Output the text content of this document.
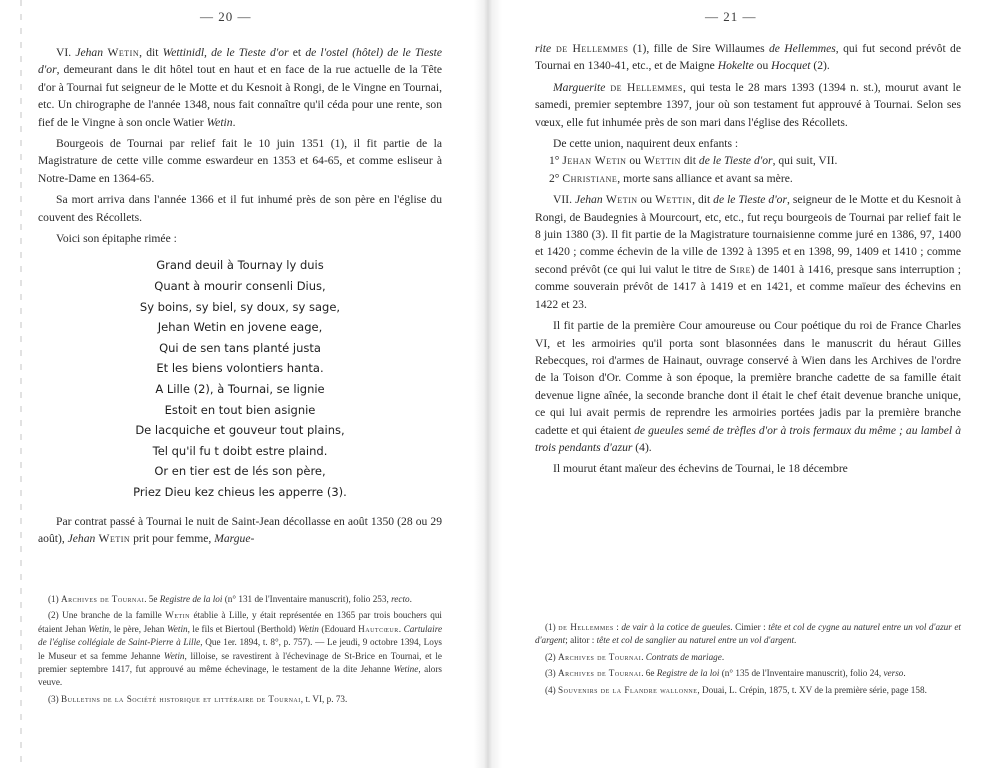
— 20 —

VI. Jehan Wetin, dit Wettinidl, de le Tieste d'or et de l'ostel (hôtel) de le Tieste d'or, demeurant dans le dit hôtel tout en haut et en face de la rue actuelle de la Tête d'or à Tournai fut seigneur de le Motte et du Kesnoit à Rongi, de le Vingne en Tournai, etc. Un chirographe de l'année 1348, nous fait connaître qu'il céda pour une rente, son fief de le Vingne à son oncle Watier Wetin.

Bourgeois de Tournai par relief fait le 10 juin 1351 (1), il fit partie de la Magistrature de cette ville comme eswardeur en 1353 et 64-65, et comme esliseur à Notre-Dame en 1364-65.

Sa mort arriva dans l'année 1366 et il fut inhumé près de son père en l'église du couvent des Récollets.

Voici son épitaphe rimée :

Grand deuil à Tournay ly duis
Quant à mourir consenli Dius,
Sy boins, sy biel, sy doux, sy sage,
Jehan Wetin en jovene eage,
Qui de sen tans planté justa
Et les biens volontiers hanta.
A Lille (2), à Tournai, se lignie
Estoit en tout bien asignie
De lacquiche et gouveur tout plains,
Tel qu'il fu t doibt estre plaind.
Or en tier est de lés son père,
Priez Dieu kez chieus les apperre (3).

Par contrat passé à Tournai le nuit de Saint-Jean décollasse en août 1350 (28 ou 29 août), Jehan Wetin prit pour femme, Margue-

(1) Archives de Tournai. 5e Registre de la loi (n° 131 de l'Inventaire manuscrit), folio 253, recto.

(2) Une branche de la famille Wetin établie à Lille, y était représentée en 1365 par trois bouchers qui étaient Jehan Wetin, le père, Jehan Wetin, le fils et Biertoul (Berthold) Wetin (Edouard Hautcœur. Cartulaire de l'église collégiale de Saint-Pierre à Lille, Que 1er. 1894, t. 8°, p. 757). — Le jeudi, 9 octobre 1394, Loys le Museur et sa femme Jehanne Wetin, lilloise, se ravestirent à l'échevinage de St-Brice en Tournai, et le premier septembre 1417, fut approuvé au même échevinage, le testament de la dite Jehanne Wetine, alors veuve.

(3) Bulletins de la Société historique et littéraire de Tournai, t. VI, p. 73.

— 21 —

rite de Hellemmes (1), fille de Sire Willaumes de Hellemmes, qui fut second prévôt de Tournai en 1340-41, etc., et de Maigne Hokelte ou Hocquet (2).

Marguerite de Hellemmes, qui testa le 28 mars 1393 (1394 n. st.), mourut avant le samedi, premier septembre 1397, jour où son testament fut approuvé à Tournai. Selon ses vœux, elle fut inhumée près de son mari dans l'église des Récollets.

De cette union, naquirent deux enfants :

1° Jehan Wetin ou Wettin dit de le Tieste d'or, qui suit, VII.

2° Christiane, morte sans alliance et avant sa mère.

VII. Jehan Wetin ou Wettin, dit de le Tieste d'or, seigneur de le Motte et du Kesnoit à Rongi, de Baudegnies à Mourcourt, etc, etc., fut reçu bourgeois de Tournai par relief fait le 8 juin 1380 (3). Il fit partie de la Magistrature tournaisienne comme juré en 1386, 97, 1400 et 1420 ; comme échevin de la ville de 1392 à 1395 et en 1398, 99, 1409 et 1410 ; comme second prévôt (ce qui lui valut le titre de Sire) de 1401 à 1416, presque sans interruption ; comme souverain prévôt de 1417 à 1419 et en 1421, et comme maïeur des échevins en 1422 et 23.

Il fit partie de la première Cour amoureuse ou Cour poétique du roi de France Charles VI, et les armoiries qu'il porta sont blasonnées dans le manuscrit du héraut Gilles Rebecques, roi d'armes de Hainaut, ouvrage conservé à Wien dans les Archives de l'ordre de la Toison d'Or. Comme à son époque, la première branche cadette de sa famille était devenue ligne aînée, la seconde branche dont il était le chef était devenue branche unique, ce qui lui avait permis de reprendre les armoiries portées jadis par la première branche cadette et qui étaient de gueules semé de trèfles d'or à trois fermaux du même ; au lambel à trois pendants d'azur (4).

Il mourut étant maïeur des échevins de Tournai, le 18 décembre

(1) de Hellemmes : de vair à la cotice de gueules. Cimier : tête et col de cygne au naturel entre un vol d'azur et d'argent; alitor : tête et col de sanglier au naturel entre un vol d'argent.

(2) Archives de Tournai. Contrats de mariage.

(3) Archives de Tournai. 6e Registre de la loi (n° 135 de l'Inventaire manuscrit), folio 24, verso.

(4) Souvenirs de la Flandre wallonne, Douai, L. Crépin, 1875, t. XV de la première série, page 158.
